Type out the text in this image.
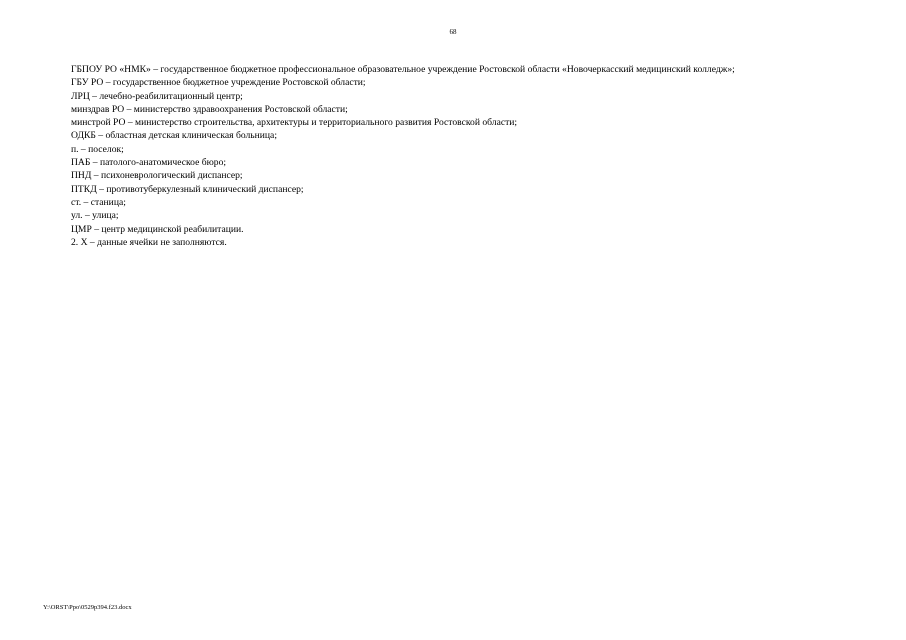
68
ГБПОУ РО «НМК» – государственное бюджетное профессиональное образовательное учреждение Ростовской области «Новочеркасский медицинский колледж»;
ГБУ РО – государственное бюджетное учреждение Ростовской области;
ЛРЦ – лечебно-реабилитационный центр;
минздрав РО – министерство здравоохранения Ростовской области;
минстрой РО – министерство строительства, архитектуры и территориального развития Ростовской области;
ОДКБ – областная детская клиническая больница;
п. – поселок;
ПАБ – патолого-анатомическое бюро;
ПНД – психоневрологический диспансер;
ПТКД – противотуберкулезный клинический диспансер;
ст. – станица;
ул. – улица;
ЦМР – центр медицинской реабилитации.
2. Х – данные ячейки не заполняются.
Y:\ORST\Ppo\0529p394.f23.docx
